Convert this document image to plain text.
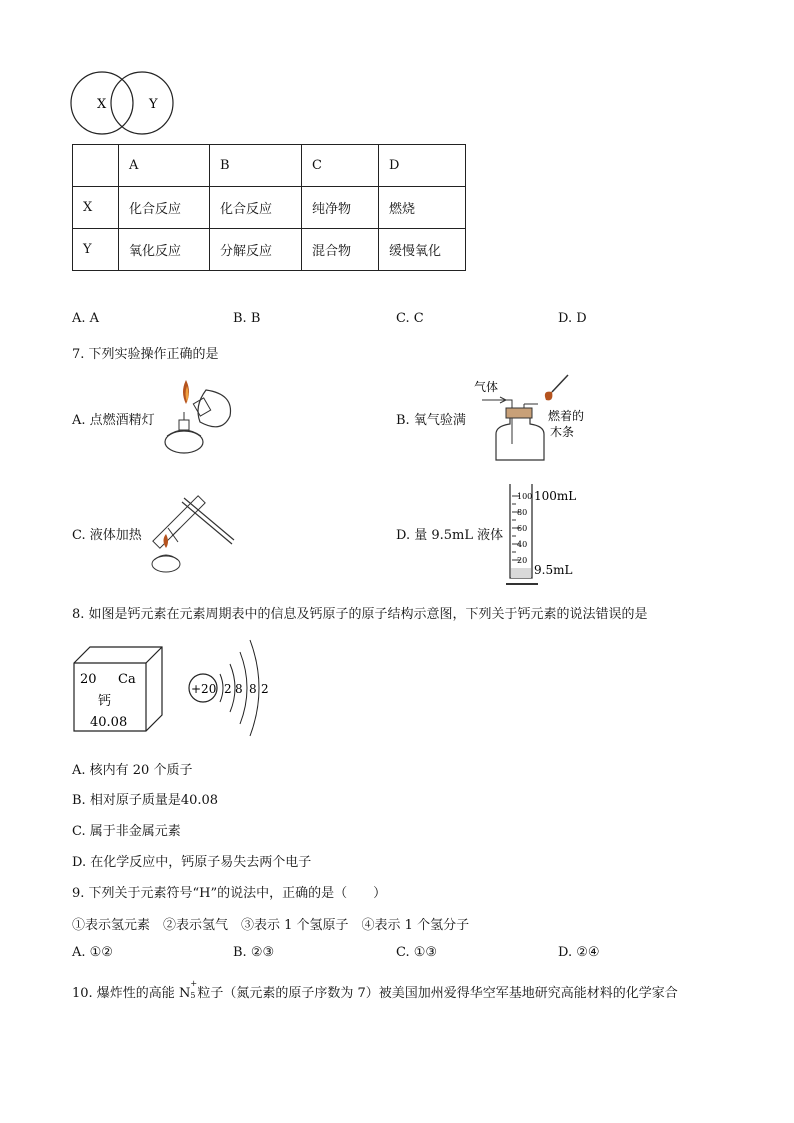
X	Y
	A	B	C	D
X	化合反应	化合反应	纯净物	燃烧
Y	氧化反应	分解反应	混合物	缓慢氧化
A. A	B. B	C. C	D. D
7. 下列实验操作正确的是
A. 点燃酒精灯	B. 氧气验满
气体
燃着的
木条
C. 液体加热	D. 量 9.5mL 液体
100
80
60
40
20
100mL
9.5mL
8. 如图是钙元素在元素周期表中的信息及钙原子的原子结构示意图，下列关于钙元素的说法错误的是
20 Ca
钙
40.08
+20 2 8 8 2
A. 核内有 20 个质子
B. 相对原子质量是40.08
C. 属于非金属元素
D. 在化学反应中，钙原子易失去两个电子
9. 下列关于元素符号“H”的说法中，正确的是（　　）
①表示氢元素　②表示氢气　③表示 1 个氢原子　④表示 1 个氢分子
A. ①②	B. ②③	C. ①③	D. ②④
10. 爆炸性的高能 N
+
5 粒子（氮元素的原子序数为 7）被美国加州爱得华空军基地研究高能材料的化学家合
